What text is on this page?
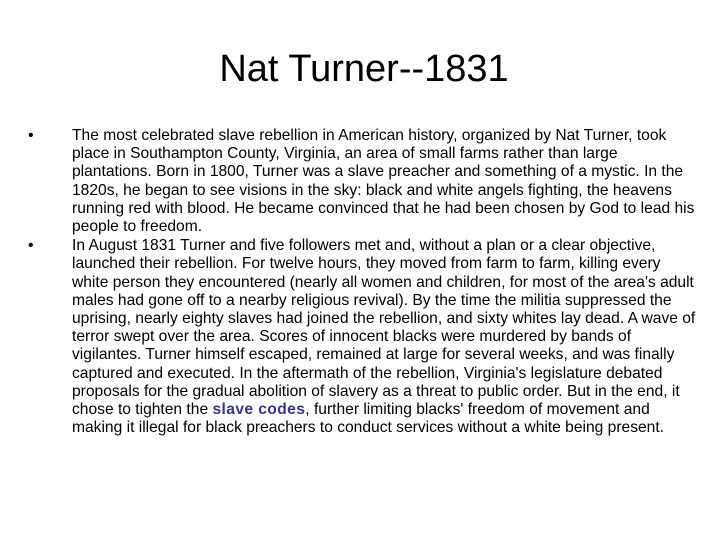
Nat Turner--1831
•	The most celebrated slave rebellion in American history, organized by Nat Turner, took place in Southampton County, Virginia, an area of small farms rather than large plantations. Born in 1800, Turner was a slave preacher and something of a mystic. In the 1820s, he began to see visions in the sky: black and white angels fighting, the heavens running red with blood. He became convinced that he had been chosen by God to lead his people to freedom.
•	In August 1831 Turner and five followers met and, without a plan or a clear objective, launched their rebellion. For twelve hours, they moved from farm to farm, killing every white person they encountered (nearly all women and children, for most of the area's adult males had gone off to a nearby religious revival). By the time the militia suppressed the uprising, nearly eighty slaves had joined the rebellion, and sixty whites lay dead. A wave of terror swept over the area. Scores of innocent blacks were murdered by bands of vigilantes. Turner himself escaped, remained at large for several weeks, and was finally captured and executed. In the aftermath of the rebellion, Virginia's legislature debated proposals for the gradual abolition of slavery as a threat to public order. But in the end, it chose to tighten the slave codes, further limiting blacks' freedom of movement and making it illegal for black preachers to conduct services without a white being present.
